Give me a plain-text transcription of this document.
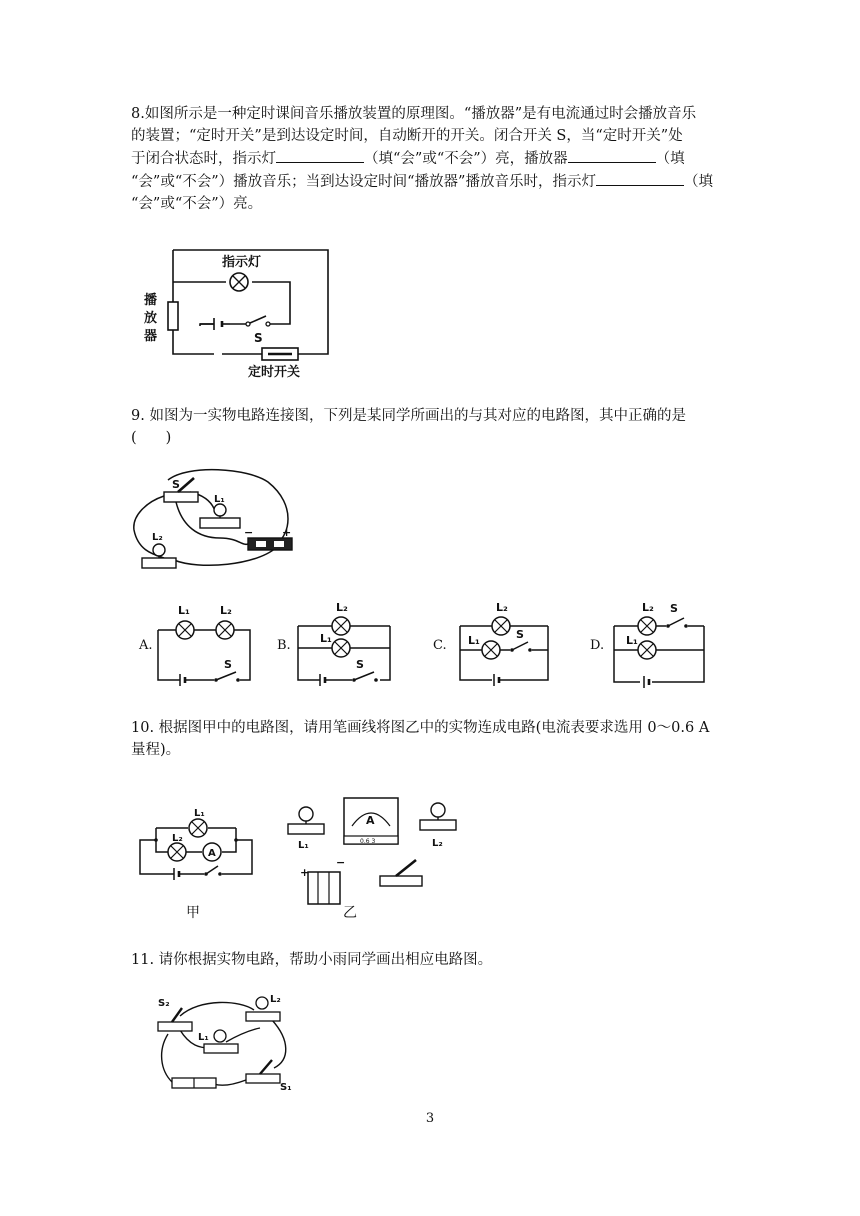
8.如图所示是一种定时课间音乐播放装置的原理图。“播放器”是有电流通过时会播放音乐
的装置；“定时开关”是到达设定时间，自动断开的开关。闭合开关 S，当“定时开关”处
于闭合状态时，指示灯	（填“会”或“不会”）亮，播放器	（填
“会”或“不会”）播放音乐；当到达设定时间“播放器”播放音乐时，指示灯	（填
“会”或“不会”）亮。
指示灯
播
放
器	S
定时开关
9. 如图为一实物电路连接图，下列是某同学所画出的与其对应的电路图，其中正确的是
(　　)
S
L₁
L₂	−	+
A.
L₁	L₂
S
B.
L₂
L₁
S
C.
L₂
L₁	S
D.
L₂
L₁
S
10. 根据图甲中的电路图，请用笔画线将图乙中的实物连成电路(电流表要求选用 0～0.6 A
量程)。
A
L₁
L₂
甲
L₁
A
0.6 3	L₂
+
−
乙
11. 请你根据实物电路，帮助小雨同学画出相应电路图。
S₂	L₂
L₁
S₁
3
